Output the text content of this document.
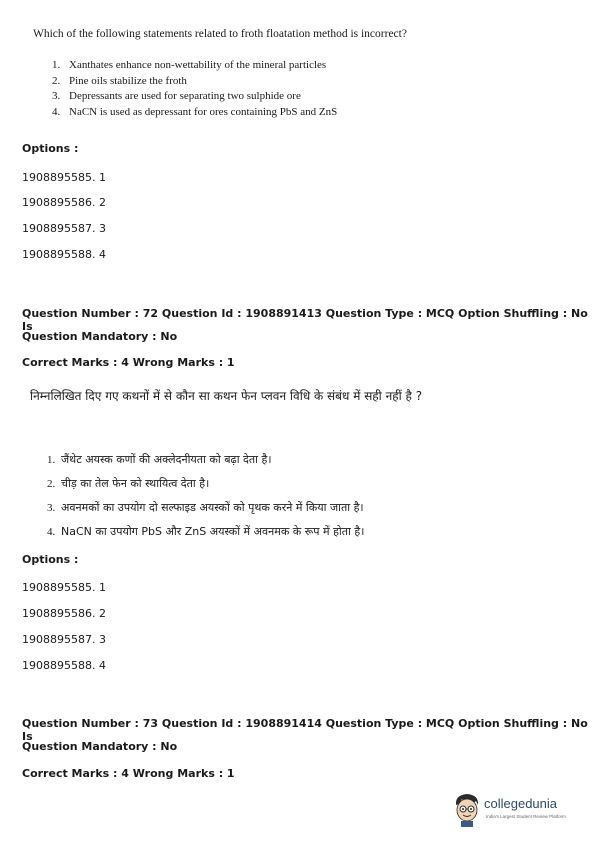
Which of the following statements related to froth floatation method is incorrect?
1. Xanthates enhance non-wettability of the mineral particles
2. Pine oils stabilize the froth
3. Depressants are used for separating two sulphide ore
4. NaCN is used as depressant for ores containing PbS and ZnS
Options :
1908895585. 1
1908895586. 2
1908895587. 3
1908895588. 4
Question Number : 72 Question Id : 1908891413 Question Type : MCQ Option Shuffling : No Is
Question Mandatory : No
Correct Marks : 4 Wrong Marks : 1
निम्नलिखित दिए गए कथनों में से कौन सा कथन फेन प्लवन विधि के संबंध में सही नहीं है ?
1. जैंथेट अयस्क कणों की अक्लेदनीयता को बढ़ा देता है।
2. चीड़ का तेल फेन को स्थायित्व देता है।
3. अवनमकों का उपयोग दो सल्फाइड अयस्कों को पृथक करने में किया जाता है।
4. NaCN का उपयोग PbS और ZnS अयस्कों में अवनमक के रूप में होता है।
Options :
1908895585. 1
1908895586. 2
1908895587. 3
1908895588. 4
Question Number : 73 Question Id : 1908891414 Question Type : MCQ Option Shuffling : No Is
Question Mandatory : No
Correct Marks : 4 Wrong Marks : 1
collegedunia
India's Largest Student Review Platform
